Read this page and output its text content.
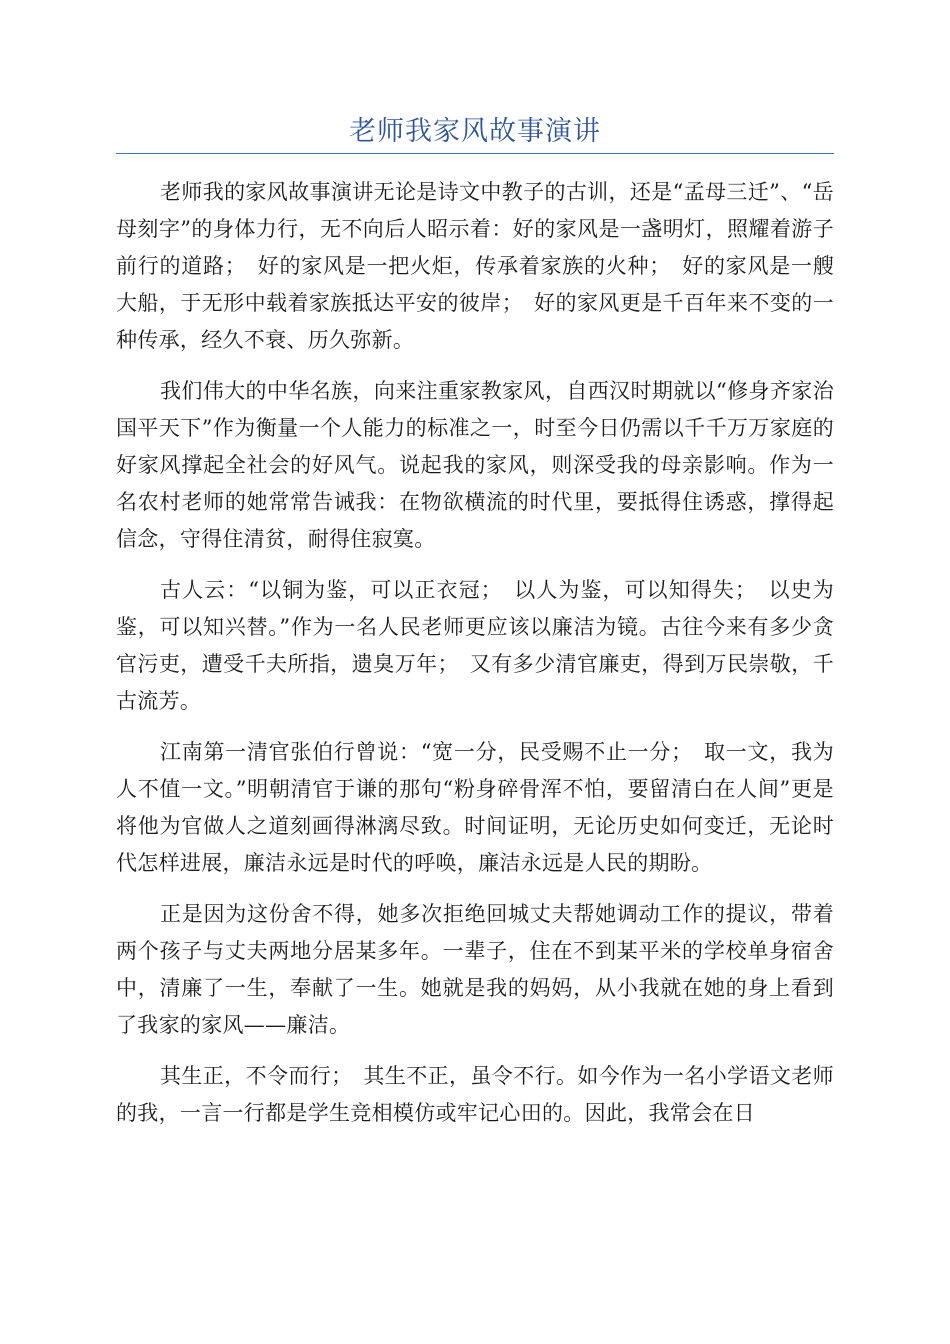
老师我家风故事演讲

老师我的家风故事演讲无论是诗文中教子的古训，还是“孟母三迁”、“岳母刻字”的身体力行，无不向后人昭示着：好的家风是一盏明灯，照耀着游子前行的道路；　好的家风是一把火炬，传承着家族的火种；　好的家风是一艘大船，于无形中载着家族抵达平安的彼岸；　好的家风更是千百年来不变的一种传承，经久不衰、历久弥新。

我们伟大的中华名族，向来注重家教家风，自西汉时期就以“修身齐家治国平天下”作为衡量一个人能力的标准之一，时至今日仍需以千千万万家庭的好家风撑起全社会的好风气。说起我的家风，则深受我的母亲影响。作为一名农村老师的她常常告诫我：在物欲横流的时代里，要抵得住诱惑，撑得起信念，守得住清贫，耐得住寂寞。

古人云：“以铜为鉴，可以正衣冠；　以人为鉴，可以知得失；　以史为鉴，可以知兴替。”作为一名人民老师更应该以廉洁为镜。古往今来有多少贪官污吏，遭受千夫所指，遗臭万年；　又有多少清官廉吏，得到万民崇敬，千古流芳。

江南第一清官张伯行曾说：“宽一分，民受赐不止一分；　取一文，我为人不值一文。”明朝清官于谦的那句“粉身碎骨浑不怕，要留清白在人间”更是将他为官做人之道刻画得淋漓尽致。时间证明，无论历史如何变迁，无论时代怎样进展，廉洁永远是时代的呼唤，廉洁永远是人民的期盼。

正是因为这份舍不得，她多次拒绝回城丈夫帮她调动工作的提议，带着两个孩子与丈夫两地分居某多年。一辈子，住在不到某平米的学校单身宿舍中，清廉了一生，奉献了一生。她就是我的妈妈，从小我就在她的身上看到了我家的家风——廉洁。

其生正，不令而行；　其生不正，虽令不行。如今作为一名小学语文老师的我，一言一行都是学生竞相模仿或牢记心田的。因此，我常会在日
